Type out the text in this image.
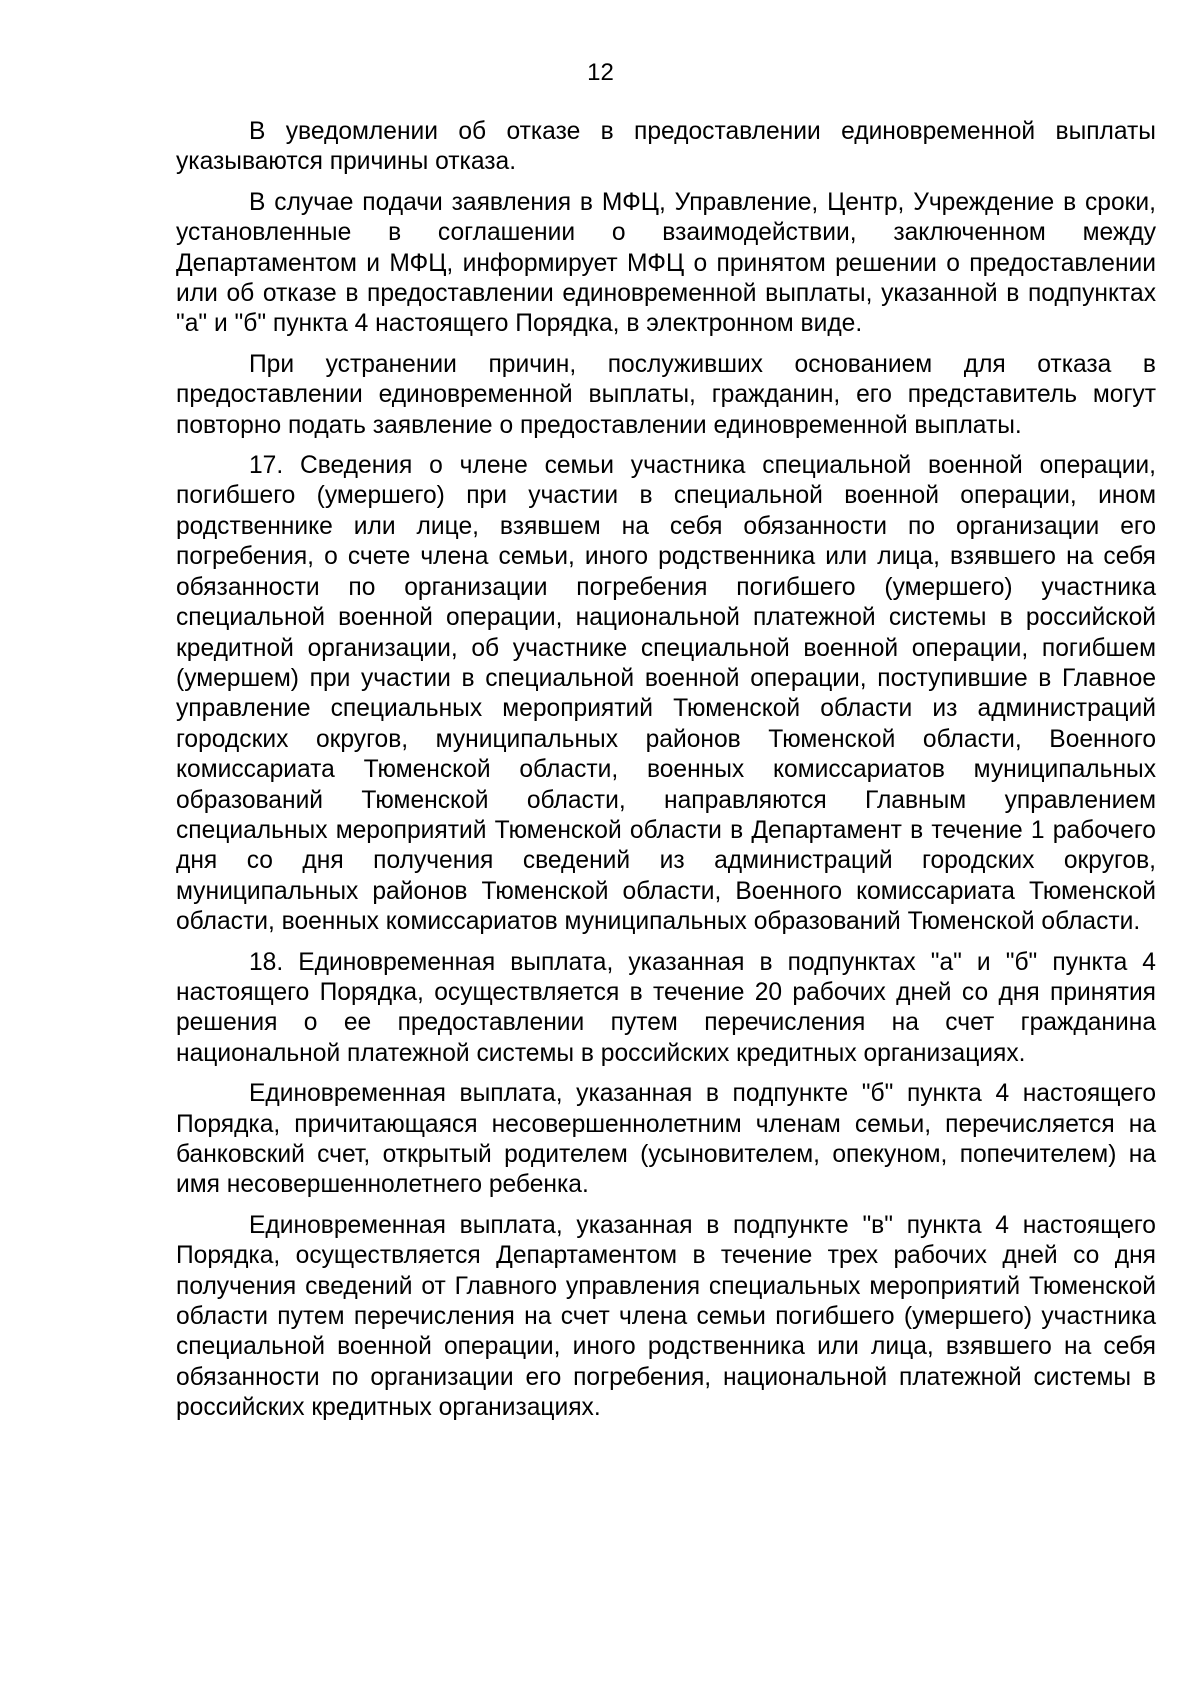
12

В уведомлении об отказе в предоставлении единовременной выплаты указываются причины отказа.

В случае подачи заявления в МФЦ, Управление, Центр, Учреждение в сроки, установленные в соглашении о взаимодействии, заключенном между Департаментом и МФЦ, информирует МФЦ о принятом решении о предоставлении или об отказе в предоставлении единовременной выплаты, указанной в подпунктах "а" и "б" пункта 4 настоящего Порядка, в электронном виде.

При устранении причин, послуживших основанием для отказа в предоставлении единовременной выплаты, гражданин, его представитель могут повторно подать заявление о предоставлении единовременной выплаты.

17. Сведения о члене семьи участника специальной военной операции, погибшего (умершего) при участии в специальной военной операции, ином родственнике или лице, взявшем на себя обязанности по организации его погребения, о счете члена семьи, иного родственника или лица, взявшего на себя обязанности по организации погребения погибшего (умершего) участника специальной военной операции, национальной платежной системы в российской кредитной организации, об участнике специальной военной операции, погибшем (умершем) при участии в специальной военной операции, поступившие в Главное управление специальных мероприятий Тюменской области из администраций городских округов, муниципальных районов Тюменской области, Военного комиссариата Тюменской области, военных комиссариатов муниципальных образований Тюменской области, направляются Главным управлением специальных мероприятий Тюменской области в Департамент в течение 1 рабочего дня со дня получения сведений из администраций городских округов, муниципальных районов Тюменской области, Военного комиссариата Тюменской области, военных комиссариатов муниципальных образований Тюменской области.

18. Единовременная выплата, указанная в подпунктах "а" и "б" пункта 4 настоящего Порядка, осуществляется в течение 20 рабочих дней со дня принятия решения о ее предоставлении путем перечисления на счет гражданина национальной платежной системы в российских кредитных организациях.

Единовременная выплата, указанная в подпункте "б" пункта 4 настоящего Порядка, причитающаяся несовершеннолетним членам семьи, перечисляется на банковский счет, открытый родителем (усыновителем, опекуном, попечителем) на имя несовершеннолетнего ребенка.

Единовременная выплата, указанная в подпункте "в" пункта 4 настоящего Порядка, осуществляется Департаментом в течение трех рабочих дней со дня получения сведений от Главного управления специальных мероприятий Тюменской области путем перечисления на счет члена семьи погибшего (умершего) участника специальной военной операции, иного родственника или лица, взявшего на себя обязанности по организации его погребения, национальной платежной системы в российских кредитных организациях.
